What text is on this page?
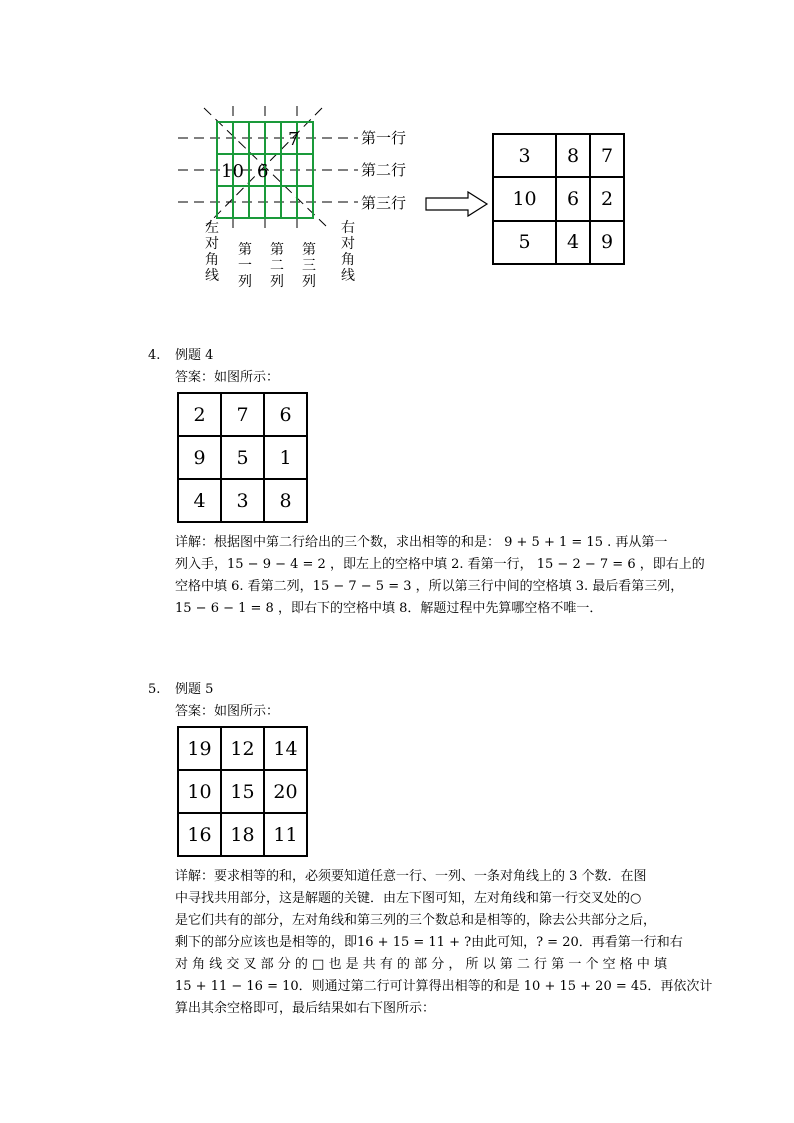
7
10 6
第一行
第二行
第三行
左对角线
第一列
第二列
第三列
右对角线
3	8	7
10	6	2
5	4	9
4. 例题 4
答案：如图所示：
2	7	6
9	5	1
4	3	8
详解：根据图中第二行给出的三个数，求出相等的和是： 9 + 5 + 1 = 15 . 再从第一
列入手，15 − 9 − 4 = 2 ，即左上的空格中填 2. 看第一行， 15 − 2 − 7 = 6 ，即右上的
空格中填 6. 看第二列，15 − 7 − 5 = 3 ，所以第三行中间的空格填 3. 最后看第三列，
15 − 6 − 1 = 8 ，即右下的空格中填 8．解题过程中先算哪空格不唯一．
5. 例题 5
答案：如图所示：
19	12	14
10	15	20
16	18	11
详解：要求相等的和，必须要知道任意一行、一列、一条对角线上的 3 个数．在图
中寻找共用部分，这是解题的关键．由左下图可知，左对角线和第一行交叉处的○
是它们共有的部分，左对角线和第三列的三个数总和是相等的，除去公共部分之后，
剩下的部分应该也是相等的，即16 + 15 = 11 + ?由此可知，? = 20．再看第一行和右
对 角 线 交 叉 部 分 的 □ 也 是 共 有 的 部 分 ， 所 以 第 二 行 第 一 个 空 格 中 填
15 + 11 − 16 = 10．则通过第二行可计算得出相等的和是 10 + 15 + 20 = 45．再依次计
算出其余空格即可，最后结果如右下图所示：
